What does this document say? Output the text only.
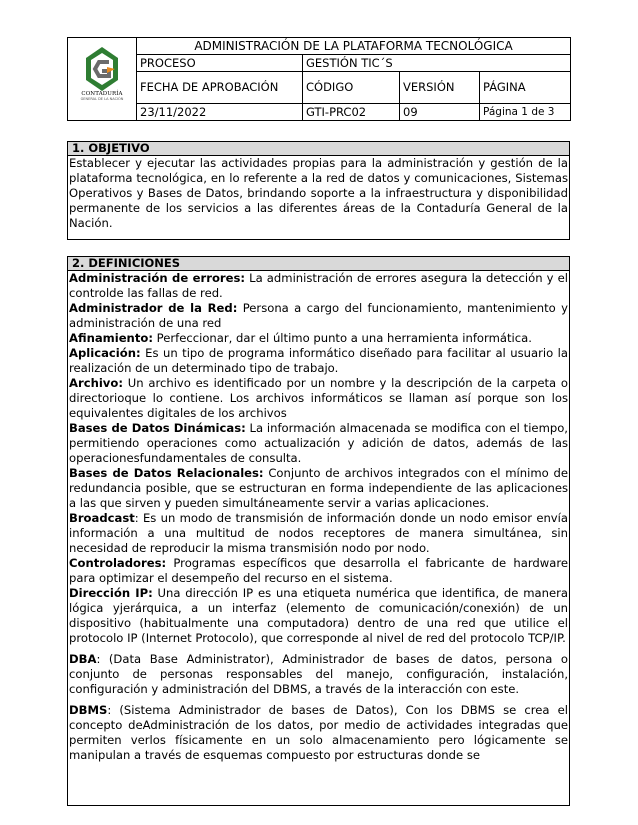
CONTADURÍA
GENERAL DE LA NACIÓN	ADMINISTRACIÓN DE LA PLATAFORMA TECNOLÓGICA			
	PROCESO	GESTIÓN TIC´S		
	FECHA DE APROBACIÓN	CÓDIGO	VERSIÓN	PÁGINA
	23/11/2022	GTI-PRC02	09	Página 1 de 3
1. OBJETIVO
Establecer y ejecutar las actividades propias para la administración y gestión de la plataforma tecnológica, en lo referente a la red de datos y comunicaciones, Sistemas Operativos y Bases de Datos, brindando soporte a la infraestructura y disponibilidad permanente de los servicios a las diferentes áreas de la Contaduría General de la Nación.
2. DEFINICIONES

Administración de errores: La administración de errores asegura la detección y el controlde las fallas de red.

Administrador de la Red: Persona a cargo del funcionamiento, mantenimiento y administración de una red

Afinamiento: Perfeccionar, dar el último punto a una herramienta informática.

Aplicación: Es un tipo de programa informático diseñado para facilitar al usuario la realización de un determinado tipo de trabajo.

Archivo: Un archivo es identificado por un nombre y la descripción de la carpeta o directorioque lo contiene. Los archivos informáticos se llaman así porque son los equivalentes digitales de los archivos

Bases de Datos Dinámicas: La información almacenada se modifica con el tiempo, permitiendo operaciones como actualización y adición de datos, además de las operacionesfundamentales de consulta.

Bases de Datos Relacionales: Conjunto de archivos integrados con el mínimo de redundancia posible, que se estructuran en forma independiente de las aplicaciones a las que sirven y pueden simultáneamente servir a varias aplicaciones.

Broadcast: Es un modo de transmisión de información donde un nodo emisor envía información a una multitud de nodos receptores de manera simultánea, sin necesidad de reproducir la misma transmisión nodo por nodo.

Controladores: Programas específicos que desarrolla el fabricante de hardware para optimizar el desempeño del recurso en el sistema.

Dirección IP: Una dirección IP es una etiqueta numérica que identifica, de manera lógica yjerárquica, a un interfaz (elemento de comunicación/conexión) de un dispositivo (habitualmente una computadora) dentro de una red que utilice el protocolo IP (Internet Protocolo), que corresponde al nivel de red del protocolo TCP/IP.

DBA: (Data Base Administrator), Administrador de bases de datos, persona o conjunto de personas responsables del manejo, configuración, instalación, configuración y administración del DBMS, a través de la interacción con este.

DBMS: (Sistema Administrador de bases de Datos), Con los DBMS se crea el concepto deAdministración de los datos, por medio de actividades integradas que permiten verlos físicamente en un solo almacenamiento pero lógicamente se manipulan a través de esquemas compuesto por estructuras donde se
